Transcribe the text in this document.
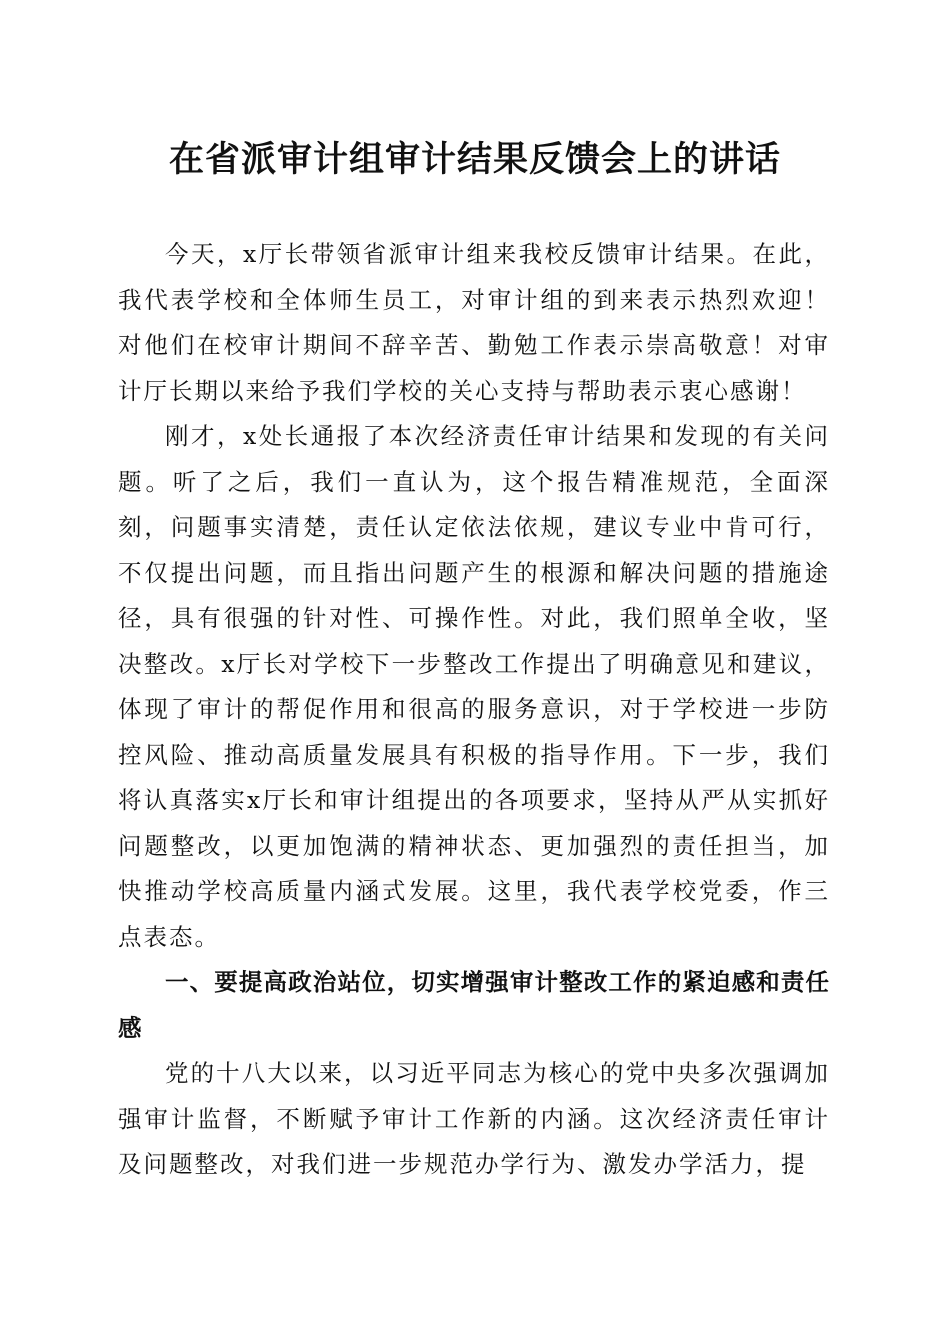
在省派审计组审计结果反馈会上的讲话

今天，x厅长带领省派审计组来我校反馈审计结果。在此，我代表学校和全体师生员工，对审计组的到来表示热烈欢迎！对他们在校审计期间不辞辛苦、勤勉工作表示崇高敬意！对审计厅长期以来给予我们学校的关心支持与帮助表示衷心感谢！

刚才，x处长通报了本次经济责任审计结果和发现的有关问题。听了之后，我们一直认为，这个报告精准规范，全面深刻，问题事实清楚，责任认定依法依规，建议专业中肯可行，不仅提出问题，而且指出问题产生的根源和解决问题的措施途径，具有很强的针对性、可操作性。对此，我们照单全收，坚决整改。x厅长对学校下一步整改工作提出了明确意见和建议，体现了审计的帮促作用和很高的服务意识，对于学校进一步防控风险、推动高质量发展具有积极的指导作用。下一步，我们将认真落实x厅长和审计组提出的各项要求，坚持从严从实抓好问题整改，以更加饱满的精神状态、更加强烈的责任担当，加快推动学校高质量内涵式发展。这里，我代表学校党委，作三点表态。

一、要提高政治站位，切实增强审计整改工作的紧迫感和责任感

党的十八大以来，以习近平同志为核心的党中央多次强调加强审计监督，不断赋予审计工作新的内涵。这次经济责任审计及问题整改，对我们进一步规范办学行为、激发办学活力，提
